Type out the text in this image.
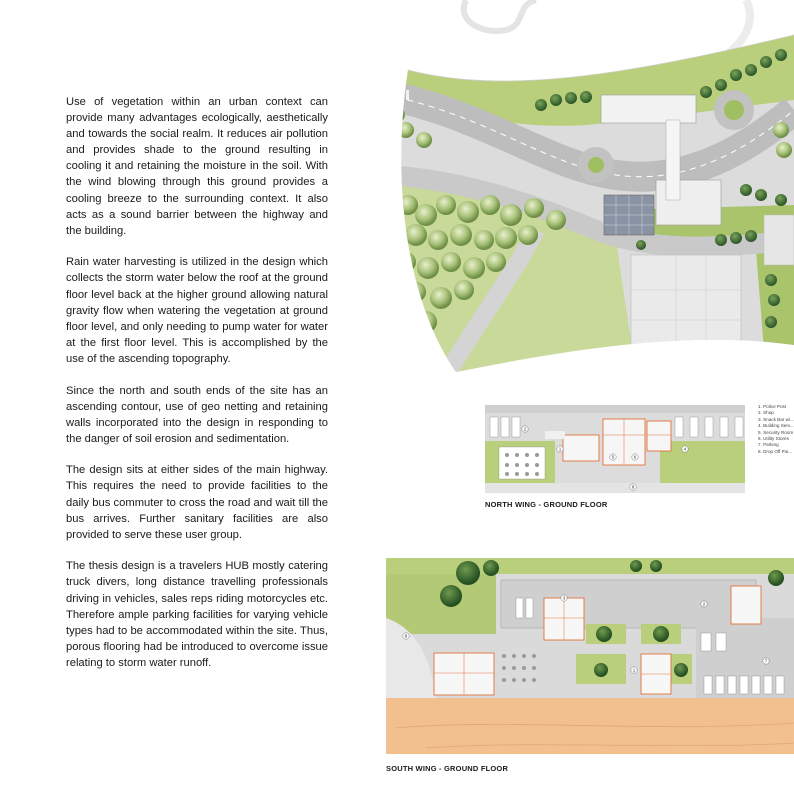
Use of vegetation within an urban context can provide many advantages ecologically, aesthetically and towards the social realm. It reduces air pollution and provides shade to the ground resulting in cooling it and retaining the moisture in the soil. With the wind blowing through this ground provides a cooling breeze to the surrounding context. It also acts as a sound barrier between the highway and the building.

Rain water harvesting is utilized in the design which collects the storm water below the roof at the ground floor level back at the higher ground allowing natural gravity flow when watering the vegetation at ground floor level, and only needing to pump water for water at the first floor level. This is accomplished by the use of the ascending topography.

Since the north and south ends of the site has an ascending contour, use of geo netting and retaining walls incorporated into the design in responding to the danger of soil erosion and sedimentation.

The design sits at either sides of the main highway. This requires the need to provide facilities to the daily bus commuter to cross the road and wait till the bus arrives. Further sanitary facilities are also provided to serve these user group.

The thesis design is a travelers HUB mostly catering truck divers, long distance travelling professionals driving in vehicles, sales reps riding motorcycles etc. Therefore ample parking facilities for varying vehicle types had to be accommodated within the site. Thus, porous flooring had be introduced to overcome issue relating to storm water runoff.

2
1
5	6
4
8
1. Police Post
2. Shop
3. Snack Bar wi...
4. Building Serv...
5. Security Room
6. Utility Stores
7. Parking
8. Drop Off Poi...
NORTH WING - GROUND FLOOR
3
2
1
7
8
SOUTH WING - GROUND FLOOR
